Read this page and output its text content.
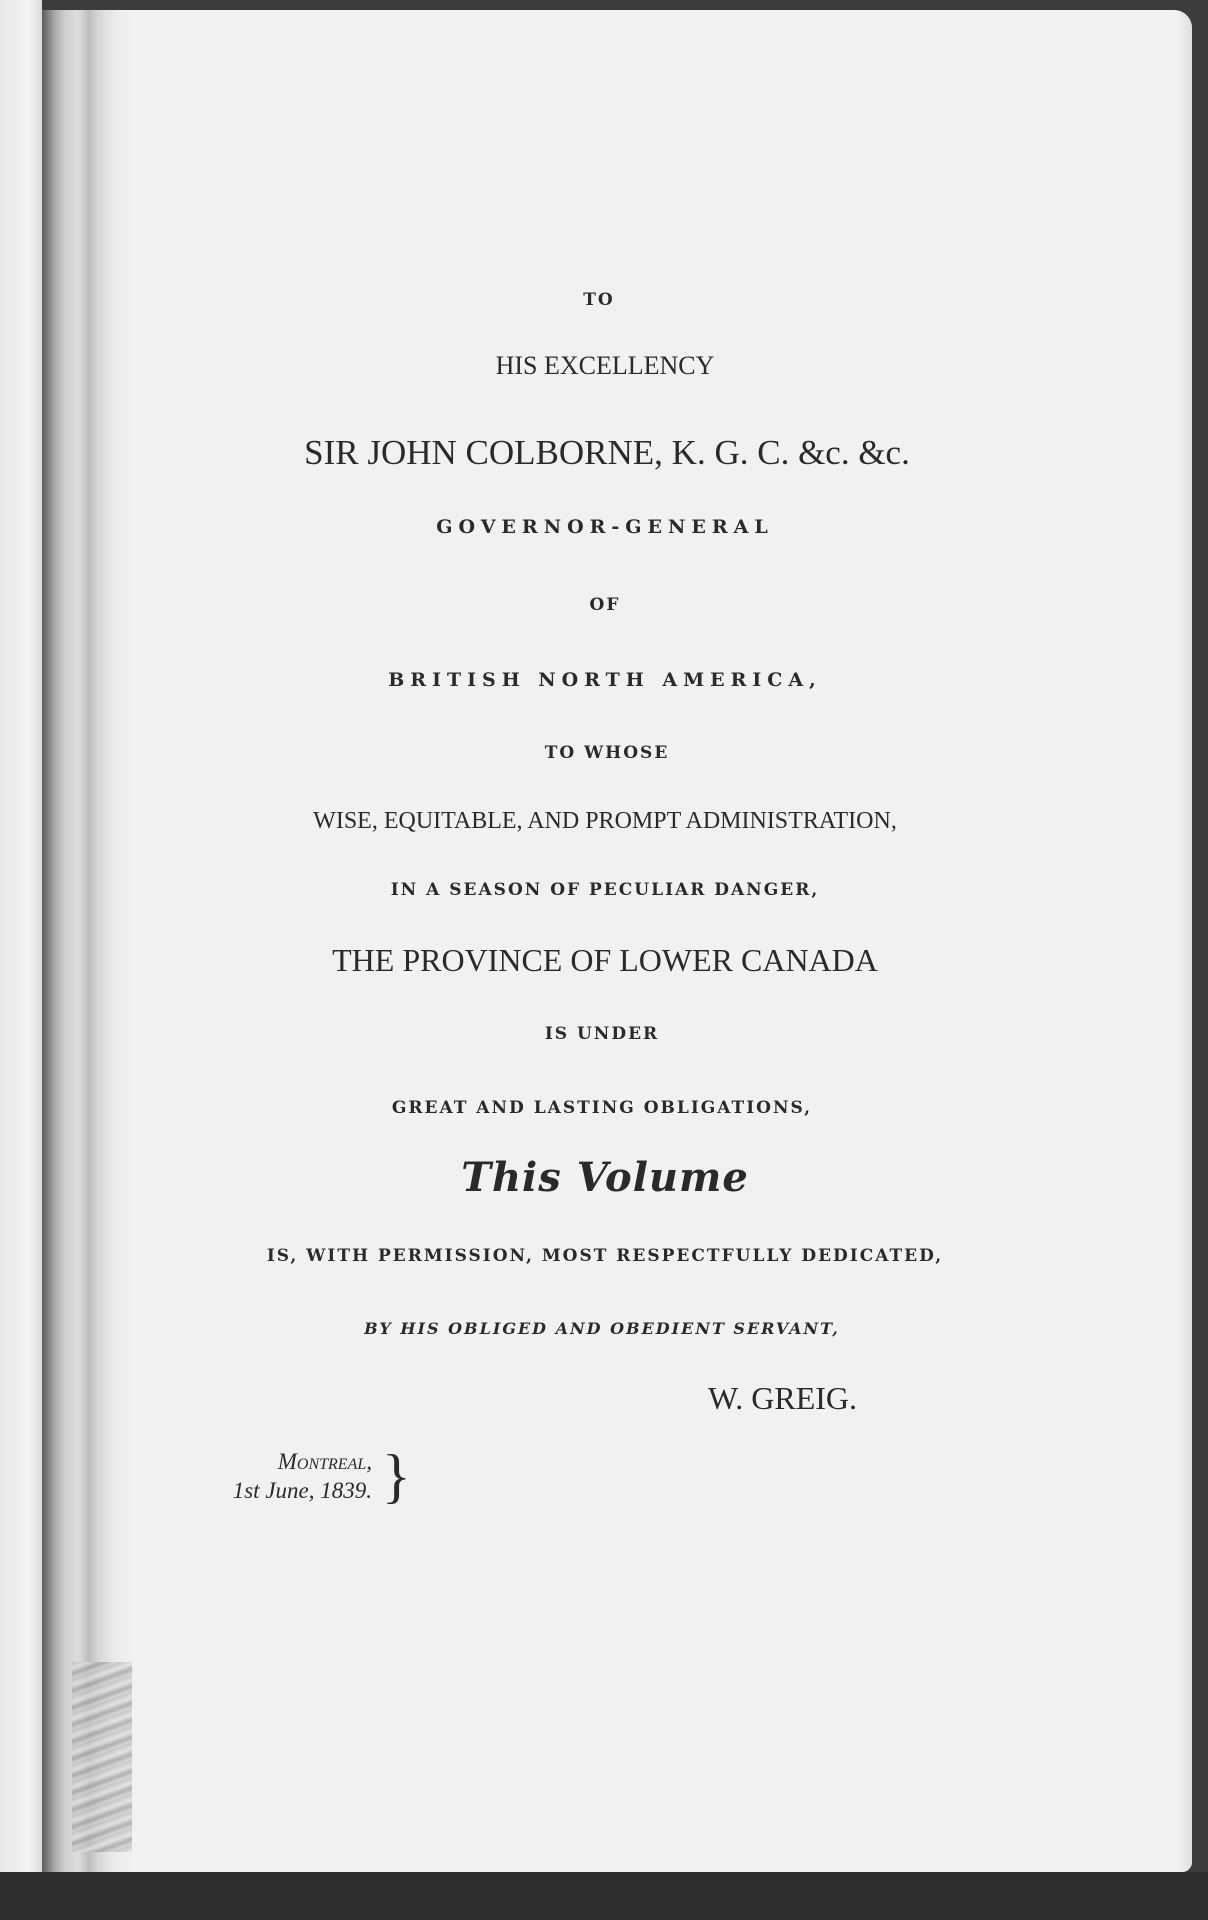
TO
HIS EXCELLENCY
SIR JOHN COLBORNE, K. G. C. &c. &c.
GOVERNOR-GENERAL
OF
BRITISH NORTH AMERICA,
TO WHOSE
WISE, EQUITABLE, AND PROMPT ADMINISTRATION,
IN A SEASON OF PECULIAR DANGER,
THE PROVINCE OF LOWER CANADA
IS UNDER
GREAT AND LASTING OBLIGATIONS,
This Volume
IS, WITH PERMISSION, MOST RESPECTFULLY DEDICATED,
BY HIS OBLIGED AND OBEDIENT SERVANT,
W. GREIG.
Montreal,
1st June, 1839. }
